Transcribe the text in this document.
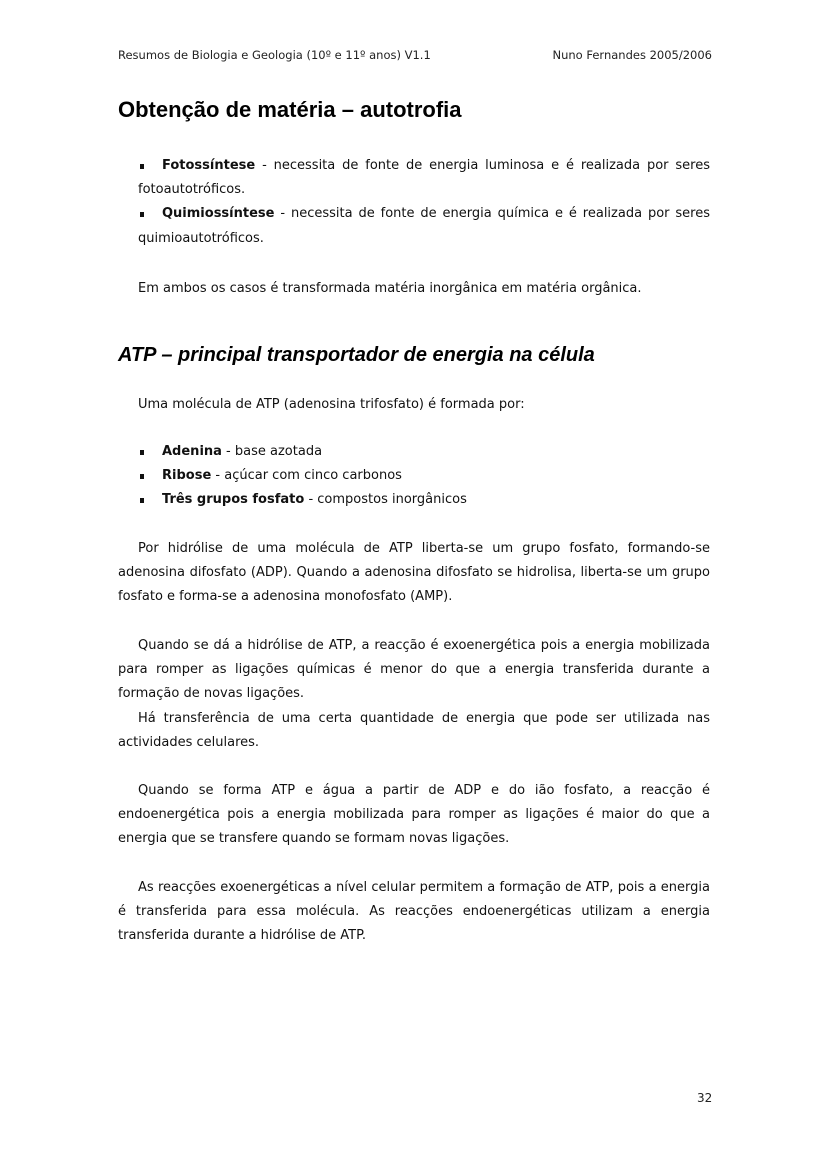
Resumos de Biologia e Geologia (10º e 11º anos) V1.1	Nuno Fernandes 2005/2006
Obtenção de matéria – autotrofia
Fotossíntese - necessita de fonte de energia luminosa e é realizada por seres fotoautotróficos.
Quimiossíntese - necessita de fonte de energia química e é realizada por seres quimioautotróficos.

Em ambos os casos é transformada matéria inorgânica em matéria orgânica.

ATP – principal transportador de energia na célula

Uma molécula de ATP (adenosina trifosfato) é formada por:

Adenina - base azotada
Ribose - açúcar com cinco carbonos
Três grupos fosfato - compostos inorgânicos

Por hidrólise de uma molécula de ATP liberta-se um grupo fosfato, formando-se adenosina difosfato (ADP). Quando a adenosina difosfato se hidrolisa, liberta-se um grupo fosfato e forma-se a adenosina monofosfato (AMP).

Quando se dá a hidrólise de ATP, a reacção é exoenergética pois a energia mobilizada para romper as ligações químicas é menor do que a energia transferida durante a formação de novas ligações.

Há transferência de uma certa quantidade de energia que pode ser utilizada nas actividades celulares.

Quando se forma ATP e água a partir de ADP e do ião fosfato, a reacção é endoenergética pois a energia mobilizada para romper as ligações é maior do que a energia que se transfere quando se formam novas ligações.

As reacções exoenergéticas a nível celular permitem a formação de ATP, pois a energia é transferida para essa molécula. As reacções endoenergéticas utilizam a energia transferida durante a hidrólise de ATP.

32
